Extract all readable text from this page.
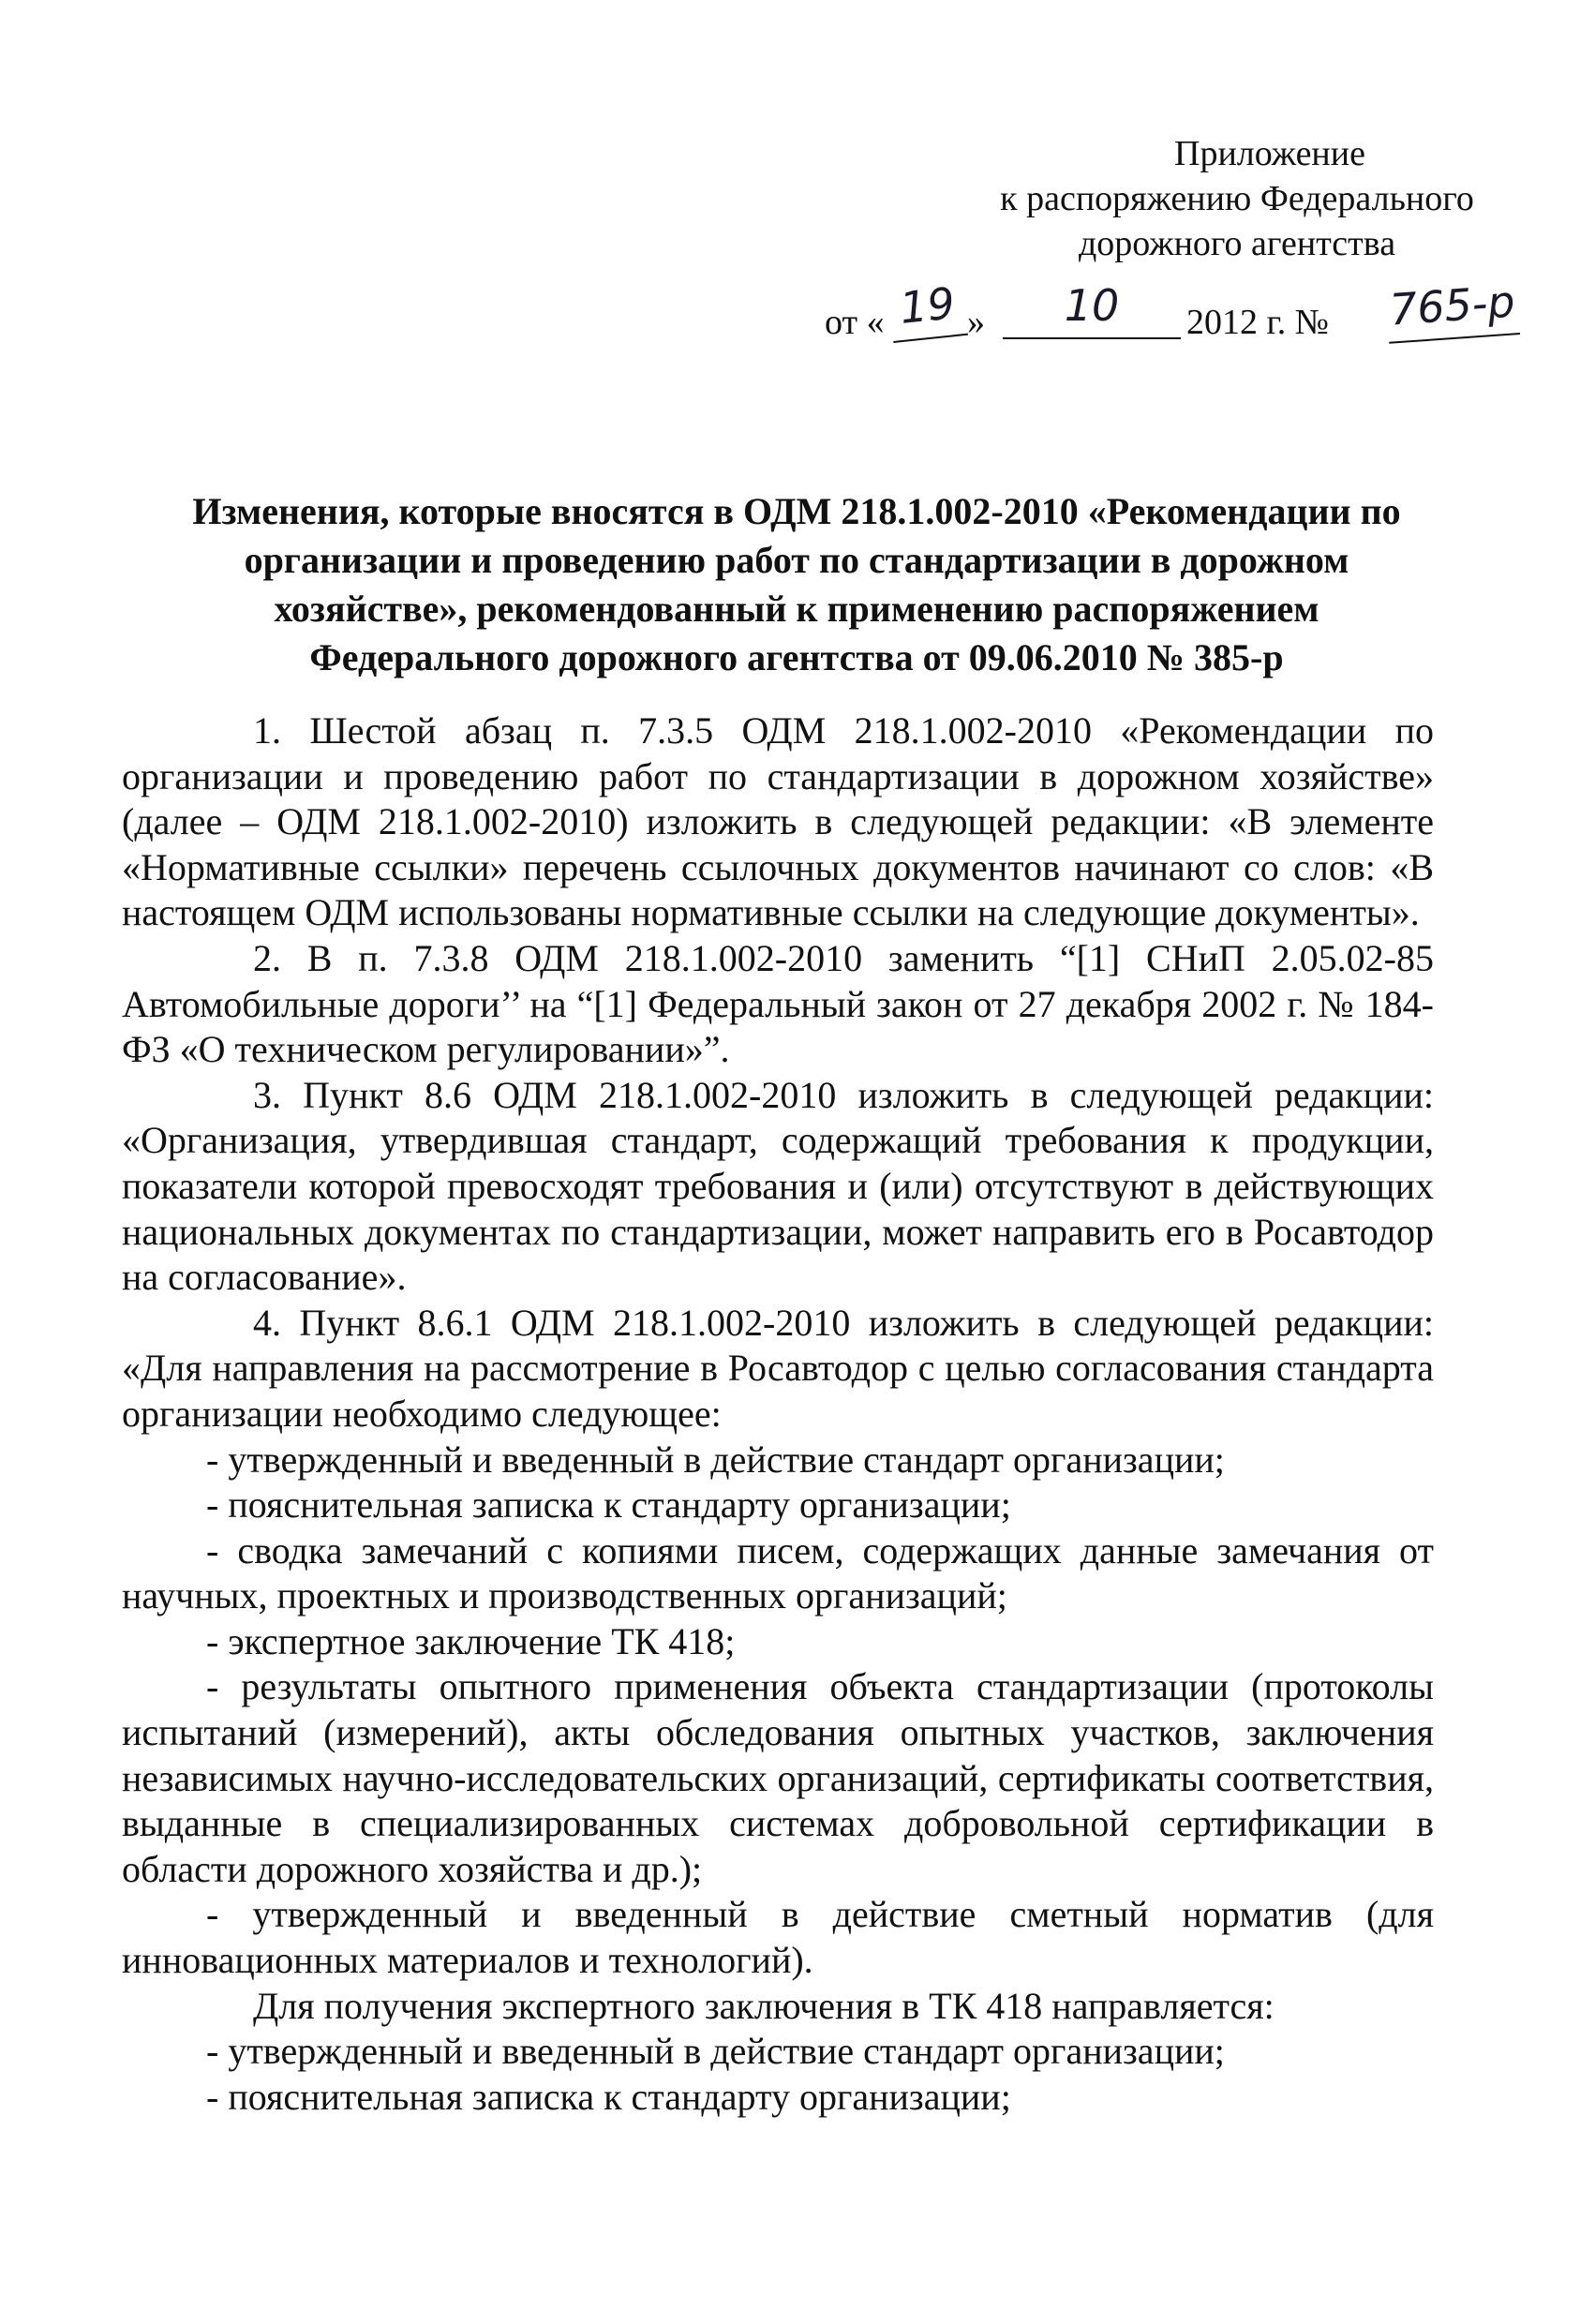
Приложение
к распоряжению Федерального
дорожного агентства
от « 19 »	10	2012 г. № 765-р
Изменения, которые вносятся в ОДМ 218.1.002-2010 «Рекомендации по
организации и проведению работ по стандартизации в дорожном
хозяйстве», рекомендованный к применению распоряжением
Федерального дорожного агентства от 09.06.2010 № 385-р

1. Шестой абзац п. 7.3.5 ОДМ 218.1.002-2010 «Рекомендации по организации и проведению работ по стандартизации в дорожном хозяйстве» (далее – ОДМ 218.1.002-2010) изложить в следующей редакции: «В элементе «Нормативные ссылки» перечень ссылочных документов начинают со слов: «В настоящем ОДМ использованы нормативные ссылки на следующие документы».

2. В п. 7.3.8 ОДМ 218.1.002-2010 заменить “[1] СНиП 2.05.02-85 Автомобильные дороги’’ на “[1] Федеральный закон от 27 декабря 2002 г. № 184-ФЗ «О техническом регулировании»”.

3. Пункт 8.6 ОДМ 218.1.002-2010 изложить в следующей редакции: «Организация, утвердившая стандарт, содержащий требования к продукции, показатели которой превосходят требования и (или) отсутствуют в действующих национальных документах по стандартизации, может направить его в Росавтодор на согласование».

4. Пункт 8.6.1 ОДМ 218.1.002-2010 изложить в следующей редакции: «Для направления на рассмотрение в Росавтодор с целью согласования стандарта организации необходимо следующее:

- утвержденный и введенный в действие стандарт организации;

- пояснительная записка к стандарту организации;

- сводка замечаний с копиями писем, содержащих данные замечания от научных, проектных и производственных организаций;

- экспертное заключение ТК 418;

- результаты опытного применения объекта стандартизации (протоколы испытаний (измерений), акты обследования опытных участков, заключения независимых научно-исследовательских организаций, сертификаты соответствия, выданные в специализированных системах добровольной сертификации в области дорожного хозяйства и др.);

- утвержденный и введенный в действие сметный норматив (для инновационных материалов и технологий).

Для получения экспертного заключения в ТК 418 направляется:

- утвержденный и введенный в действие стандарт организации;

- пояснительная записка к стандарту организации;
